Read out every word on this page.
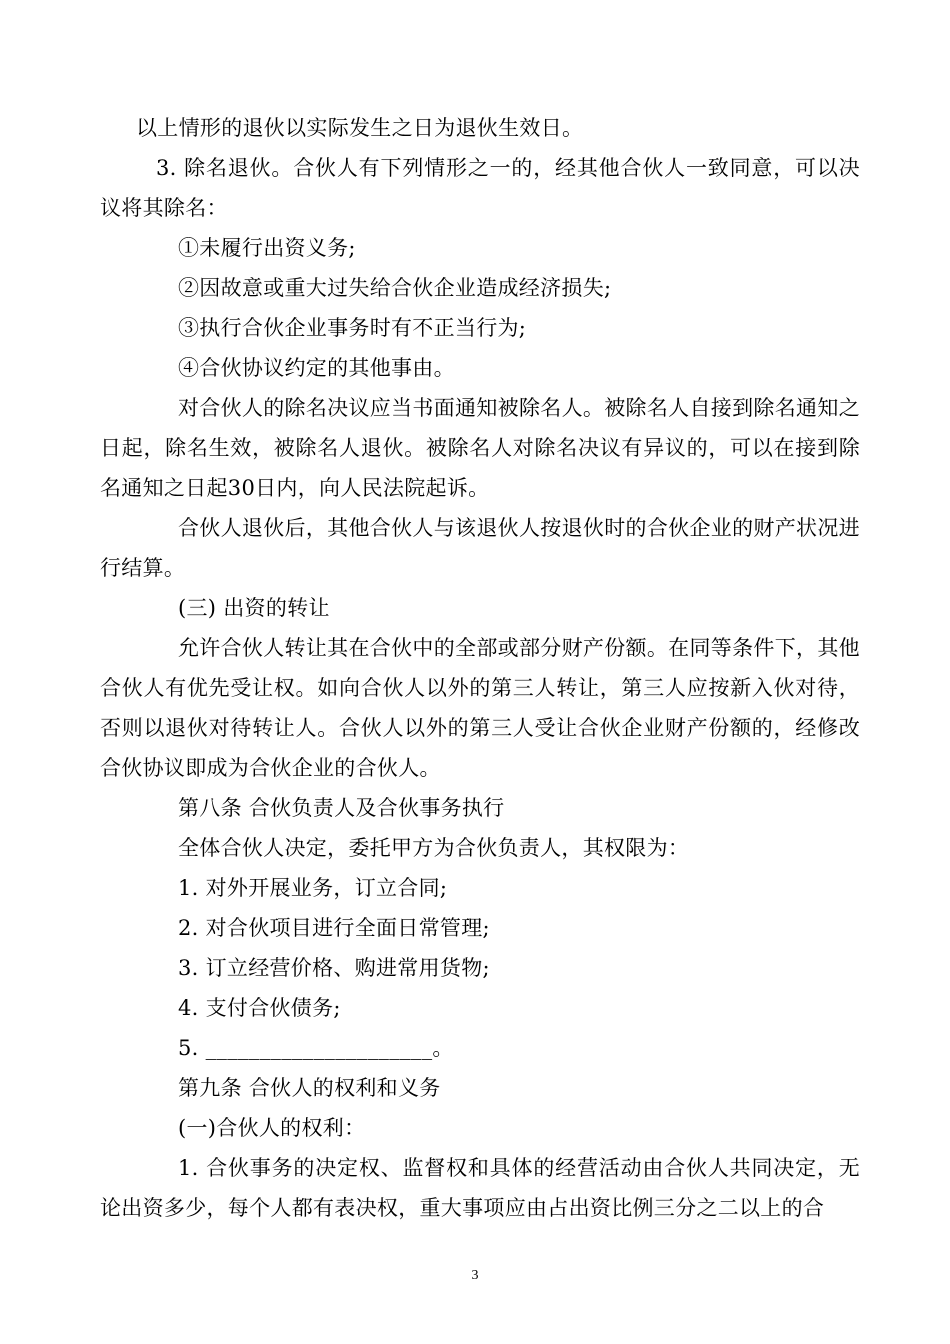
以上情形的退伙以实际发生之日为退伙生效日。

3. 除名退伙。合伙人有下列情形之一的，经其他合伙人一致同意，可以决议将其除名：

①未履行出资义务;

②因故意或重大过失给合伙企业造成经济损失;

③执行合伙企业事务时有不正当行为;

④合伙协议约定的其他事由。

对合伙人的除名决议应当书面通知被除名人。被除名人自接到除名通知之日起，除名生效，被除名人退伙。被除名人对除名决议有异议的，可以在接到除名通知之日起30日内，向人民法院起诉。

合伙人退伙后，其他合伙人与该退伙人按退伙时的合伙企业的财产状况进行结算。

(三) 出资的转让

允许合伙人转让其在合伙中的全部或部分财产份额。在同等条件下，其他合伙人有优先受让权。如向合伙人以外的第三人转让，第三人应按新入伙对待，否则以退伙对待转让人。合伙人以外的第三人受让合伙企业财产份额的，经修改合伙协议即成为合伙企业的合伙人。

第八条 合伙负责人及合伙事务执行

全体合伙人决定，委托甲方为合伙负责人，其权限为：

1. 对外开展业务，订立合同;

2. 对合伙项目进行全面日常管理;

3. 订立经营价格、购进常用货物;

4. 支付合伙债务;

5. _____________________。

第九条 合伙人的权利和义务

(一)合伙人的权利：

1. 合伙事务的决定权、监督权和具体的经营活动由合伙人共同决定，无论出资多少，每个人都有表决权，重大事项应由占出资比例三分之二以上的合

3
